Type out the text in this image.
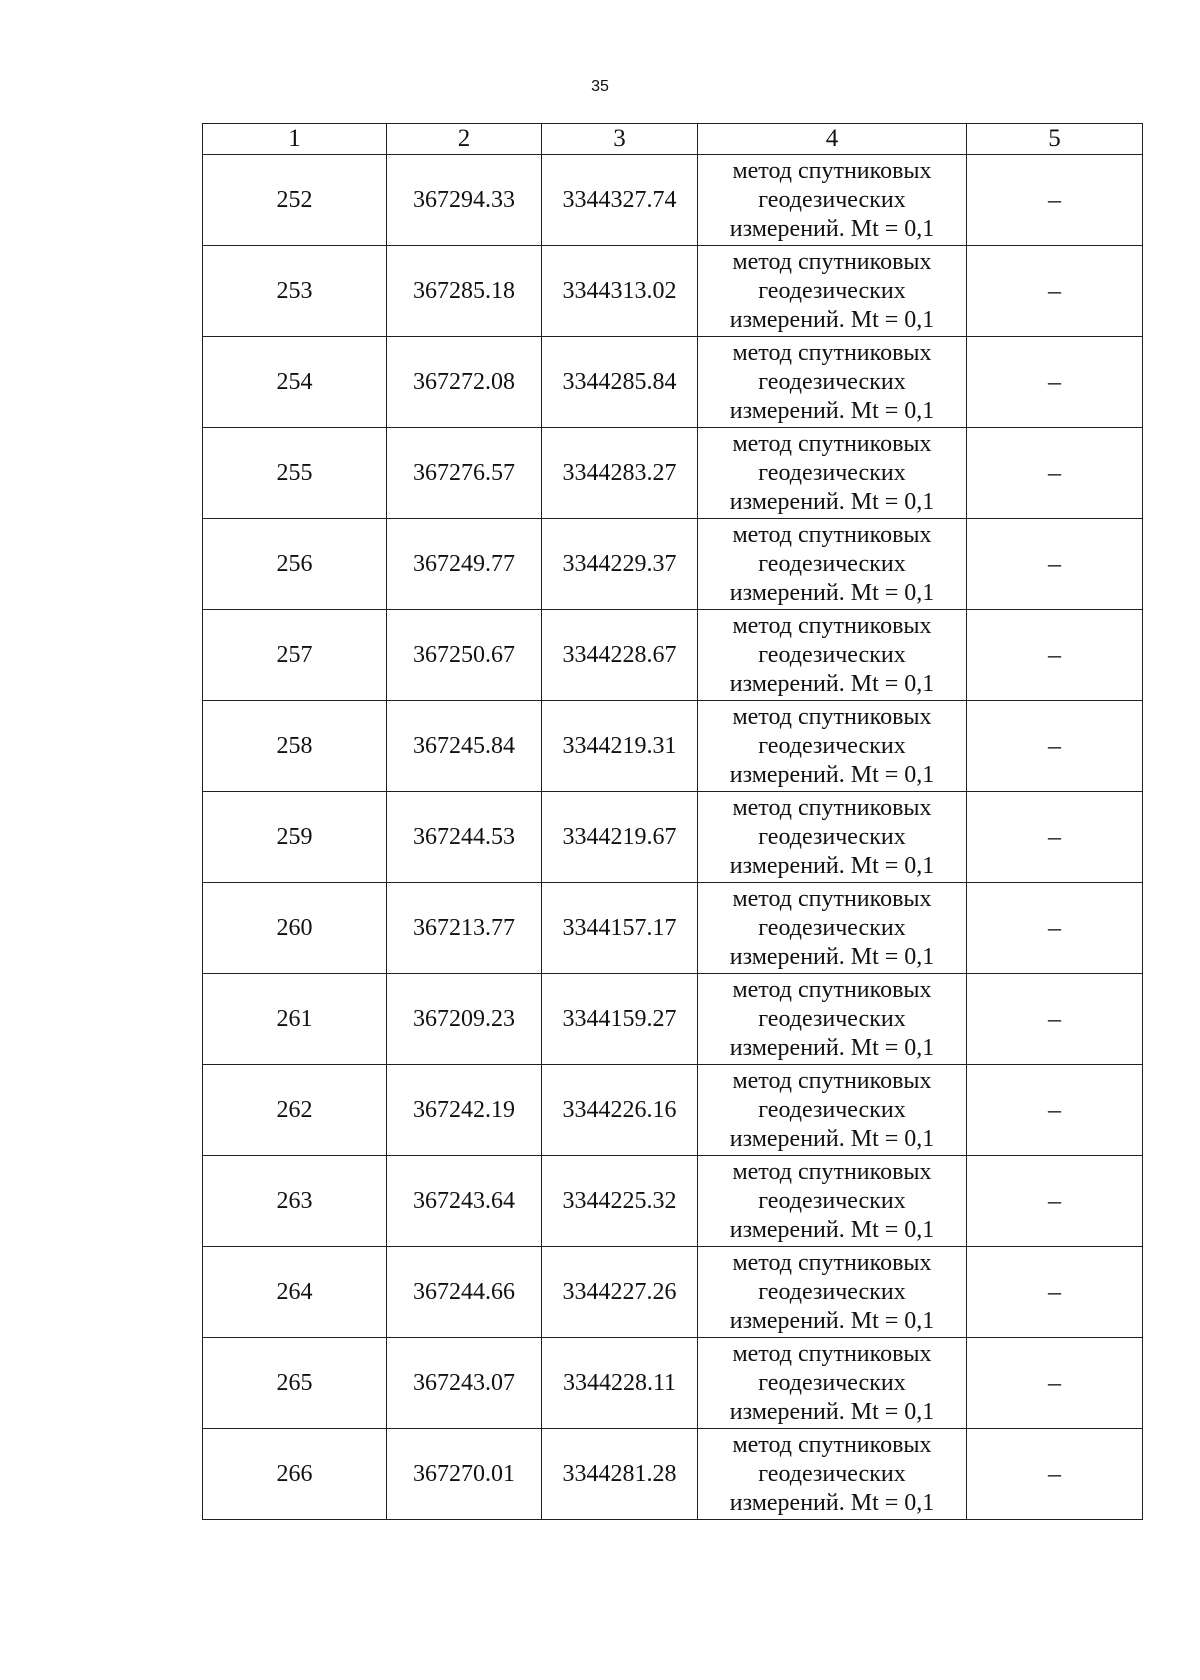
35
1	2	3	4	5
252	367294.33	3344327.74	метод спутниковых
геодезических
измерений. Mt = 0,1	–
253	367285.18	3344313.02	метод спутниковых
геодезических
измерений. Mt = 0,1	–
254	367272.08	3344285.84	метод спутниковых
геодезических
измерений. Mt = 0,1	–
255	367276.57	3344283.27	метод спутниковых
геодезических
измерений. Mt = 0,1	–
256	367249.77	3344229.37	метод спутниковых
геодезических
измерений. Mt = 0,1	–
257	367250.67	3344228.67	метод спутниковых
геодезических
измерений. Mt = 0,1	–
258	367245.84	3344219.31	метод спутниковых
геодезических
измерений. Mt = 0,1	–
259	367244.53	3344219.67	метод спутниковых
геодезических
измерений. Mt = 0,1	–
260	367213.77	3344157.17	метод спутниковых
геодезических
измерений. Mt = 0,1	–
261	367209.23	3344159.27	метод спутниковых
геодезических
измерений. Mt = 0,1	–
262	367242.19	3344226.16	метод спутниковых
геодезических
измерений. Mt = 0,1	–
263	367243.64	3344225.32	метод спутниковых
геодезических
измерений. Mt = 0,1	–
264	367244.66	3344227.26	метод спутниковых
геодезических
измерений. Mt = 0,1	–
265	367243.07	3344228.11	метод спутниковых
геодезических
измерений. Mt = 0,1	–
266	367270.01	3344281.28	метод спутниковых
геодезических
измерений. Mt = 0,1	–
